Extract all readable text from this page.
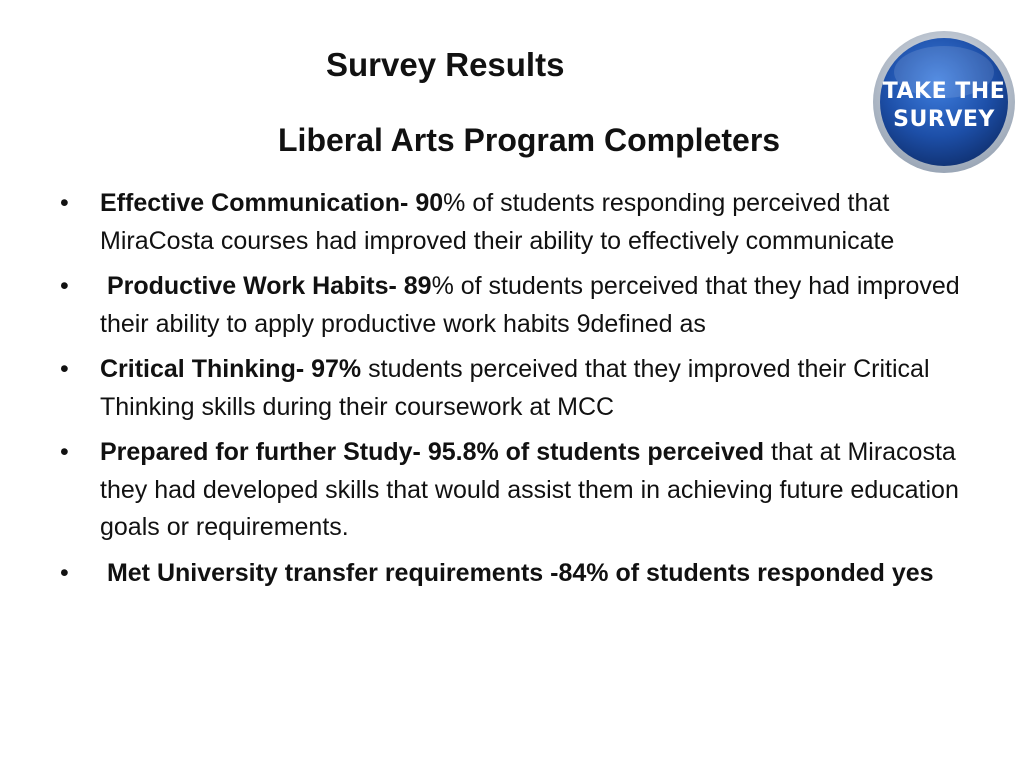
Survey Results
Liberal Arts Program Completers
TAKE THE
SURVEY
•	Effective Communication- 90% of students responding perceived that MiraCosta courses had improved their ability to effectively communicate
•	Productive Work Habits- 89% of students perceived that they had improved their ability to apply productive work habits 9defined as
•	Critical Thinking- 97% students perceived that they improved their Critical Thinking skills during their coursework at MCC
•	Prepared for further Study- 95.8% of students perceived that at Miracosta they had developed skills that would assist them in achieving future education goals or requirements.
•	Met University transfer requirements -84% of students responded yes
